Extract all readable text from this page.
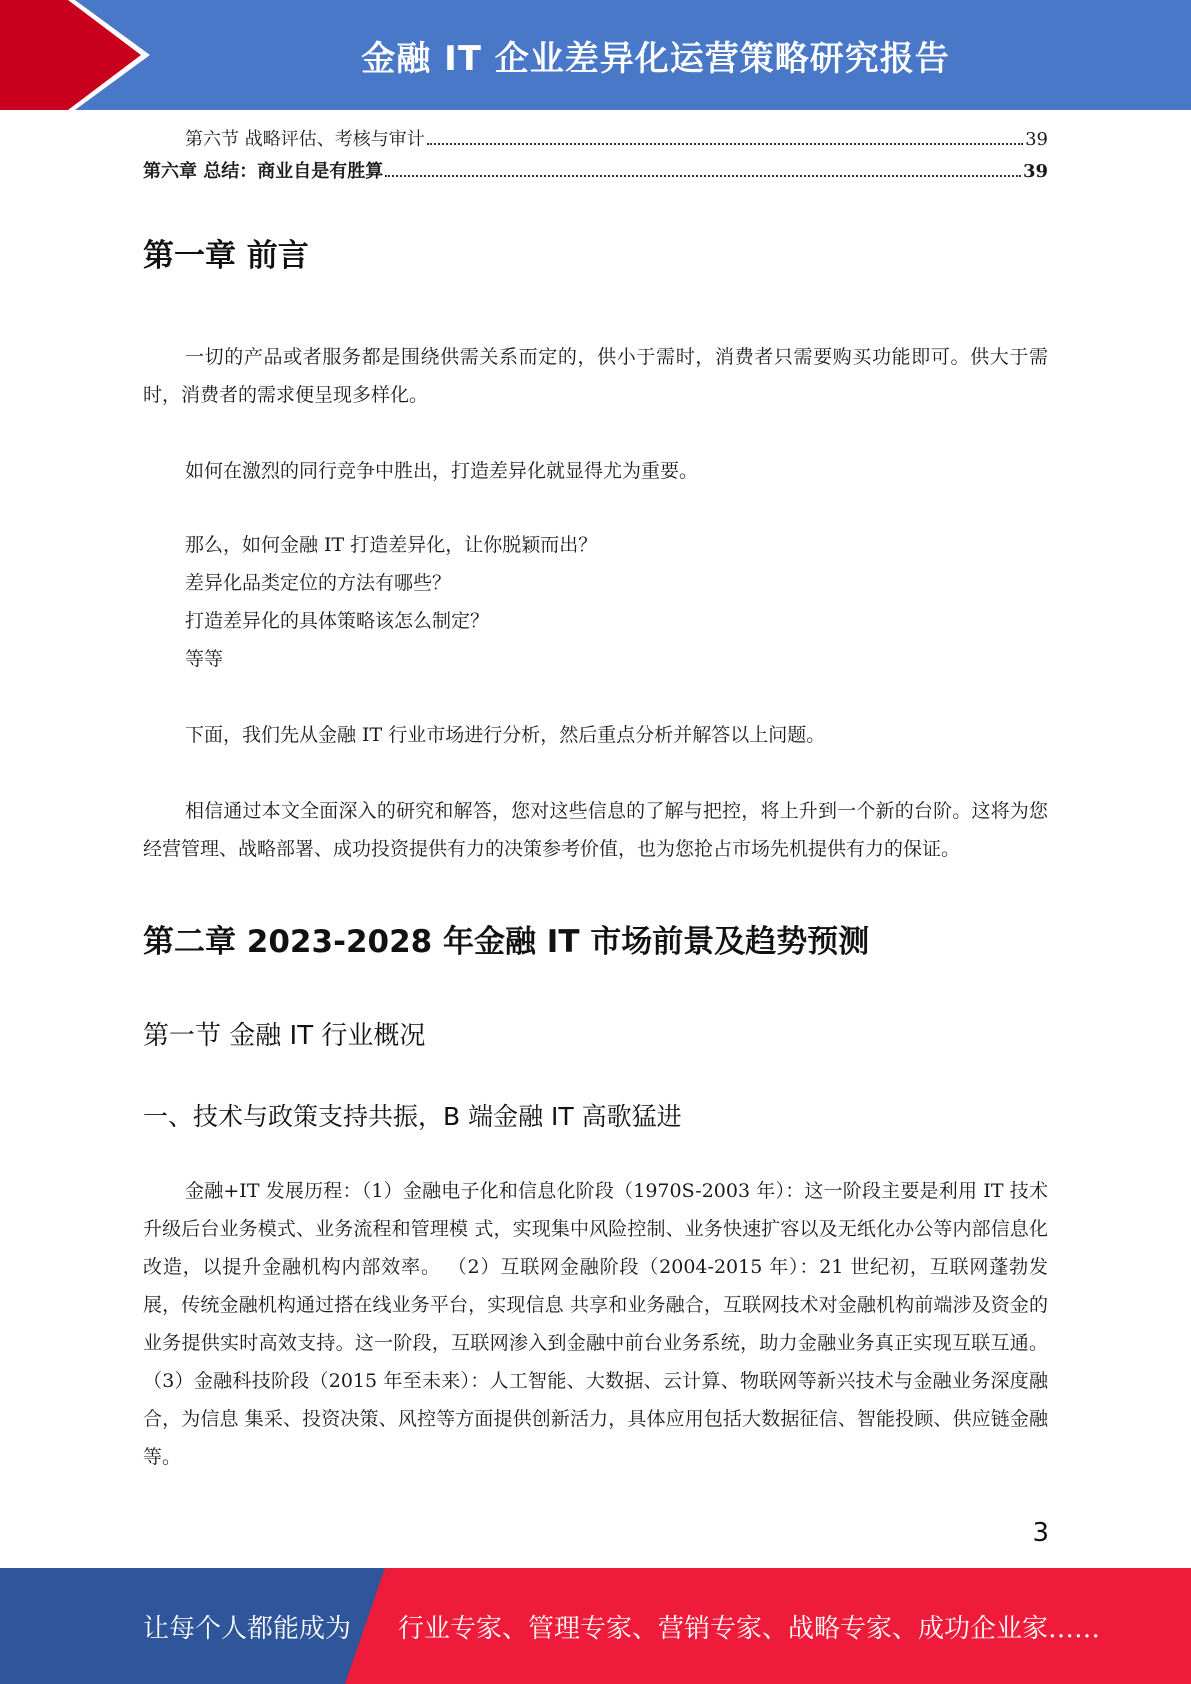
金融 IT 企业差异化运营策略研究报告
第六节 战略评估、考核与审计	39
第六章 总结：商业自是有胜算	39
第一章 前言

一切的产品或者服务都是围绕供需关系而定的，供小于需时，消费者只需要购买功能即可。供大于需时，消费者的需求便呈现多样化。

如何在激烈的同行竞争中胜出，打造差异化就显得尤为重要。

那么，如何金融 IT 打造差异化，让你脱颖而出？

差异化品类定位的方法有哪些？

打造差异化的具体策略该怎么制定？

等等

下面，我们先从金融 IT 行业市场进行分析，然后重点分析并解答以上问题。

相信通过本文全面深入的研究和解答，您对这些信息的了解与把控，将上升到一个新的台阶。这将为您经营管理、战略部署、成功投资提供有力的决策参考价值，也为您抢占市场先机提供有力的保证。

第二章 2023-2028 年金融 IT 市场前景及趋势预测
第一节 金融 IT 行业概况
一、技术与政策支持共振，B 端金融 IT 高歌猛进

金融+IT 发展历程：（1）金融电子化和信息化阶段（1970S-2003 年）：这一阶段主要是利用 IT 技术升级后台业务模式、业务流程和管理模 式，实现集中风险控制、业务快速扩容以及无纸化办公等内部信息化改造，以提升金融机构内部效率。 （2）互联网金融阶段（2004-2015 年）：21 世纪初，互联网蓬勃发展，传统金融机构通过搭在线业务平台，实现信息 共享和业务融合，互联网技术对金融机构前端涉及资金的业务提供实时高效支持。这一阶段，互联网渗入到金融中前台业务系统，助力金融业务真正实现互联互通。 （3）金融科技阶段（2015 年至未来）：人工智能、大数据、云计算、物联网等新兴技术与金融业务深度融合，为信息 集采、投资决策、风控等方面提供创新活力，具体应用包括大数据征信、智能投顾、供应链金融等。

3
让每个人都能成为 行业专家、管理专家、营销专家、战略专家、成功企业家……
